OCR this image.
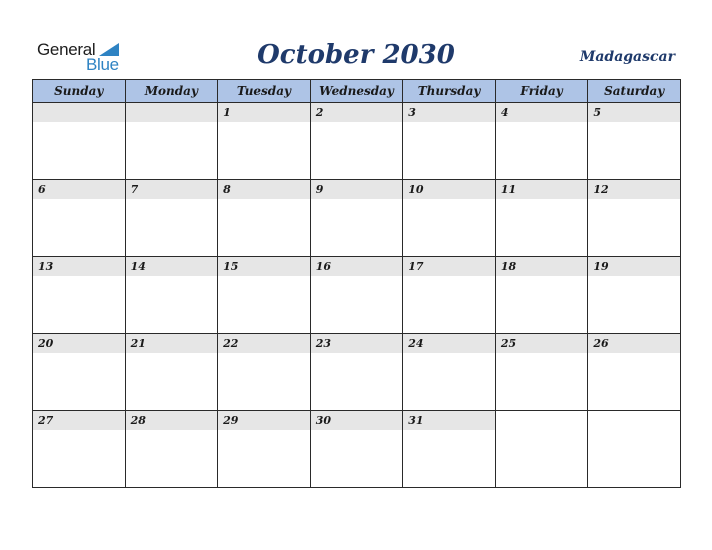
General
Blue	October 2030	Madagascar
Sunday	Monday	Tuesday	Wednesday	Thursday	Friday	Saturday

		1	2	3	4	5

6	7	8	9	10	11	12

13	14	15	16	17	18	19

20	21	22	23	24	25	26

27	28	29	30	31		
